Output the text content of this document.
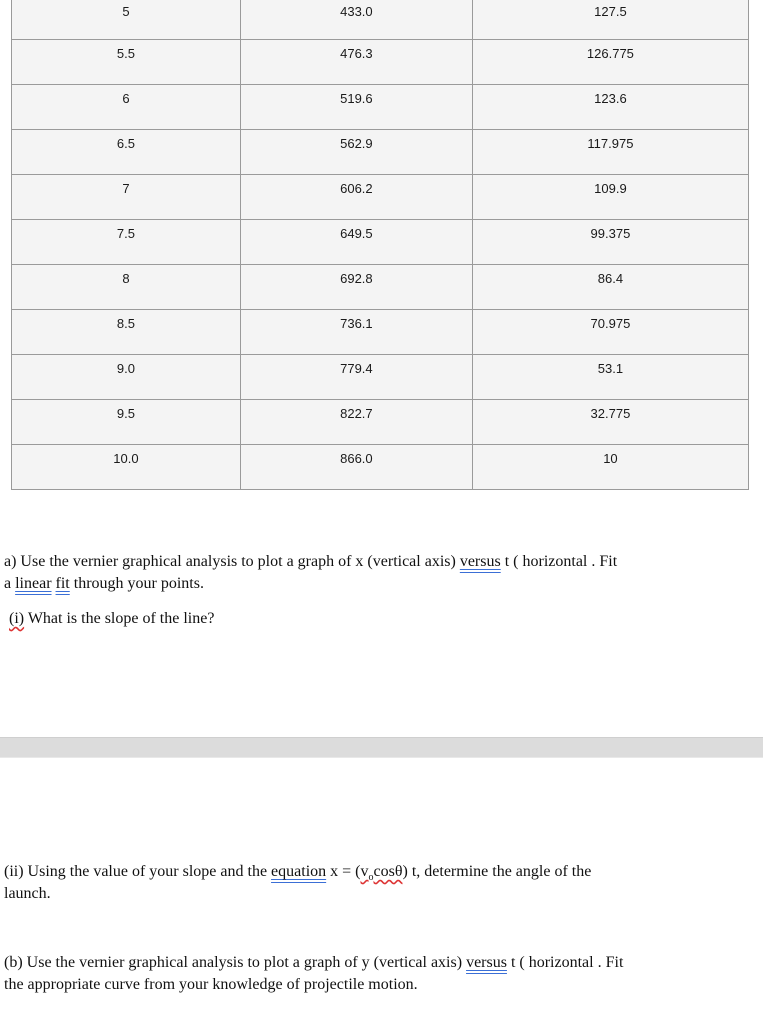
5	433.0	127.5

5.5	476.3	126.775

6	519.6	123.6

6.5	562.9	117.975

7	606.2	109.9

7.5	649.5	99.375

8	692.8	86.4

8.5	736.1	70.975

9.0	779.4	53.1

9.5	822.7	32.775

10.0	866.0	10
a) Use the vernier graphical analysis to plot a graph of x (vertical axis) versus t ( horizontal . Fit
a linear fit through your points.
(i) What is the slope of the line?
(ii) Using the value of your slope and the equation $x = (v_o\cos\theta)$ t, determine the angle of the
launch.
(b) Use the vernier graphical analysis to plot a graph of y (vertical axis) versus t ( horizontal . Fit
the appropriate curve from your knowledge of projectile motion.
